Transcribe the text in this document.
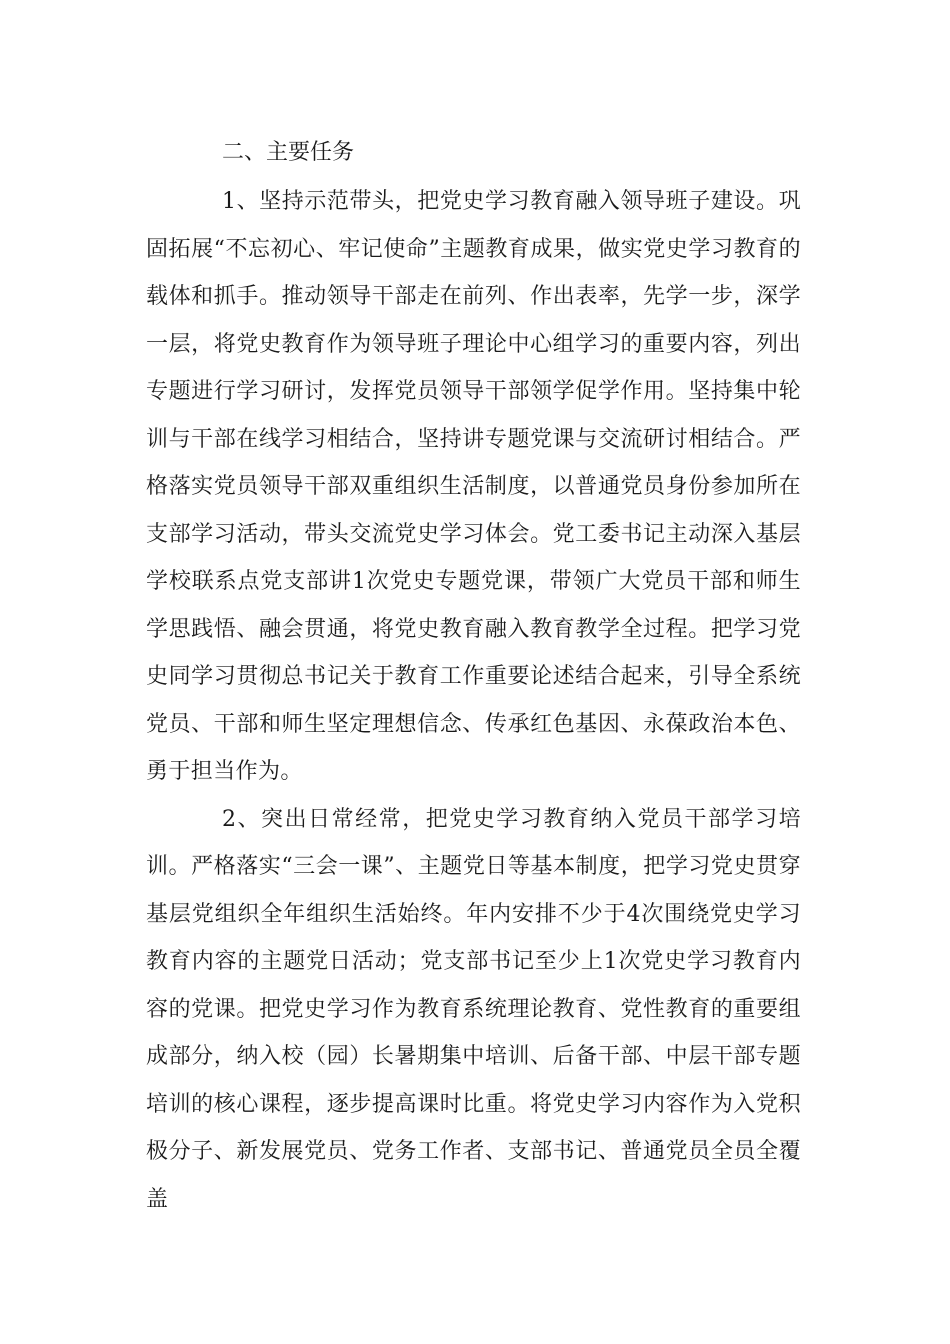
二、主要任务

1、坚持示范带头，把党史学习教育融入领导班子建设。巩固拓展“不忘初心、牢记使命”主题教育成果，做实党史学习教育的载体和抓手。推动领导干部走在前列、作出表率，先学一步，深学一层，将党史教育作为领导班子理论中心组学习的重要内容，列出专题进行学习研讨，发挥党员领导干部领学促学作用。坚持集中轮训与干部在线学习相结合，坚持讲专题党课与交流研讨相结合。严格落实党员领导干部双重组织生活制度，以普通党员身份参加所在支部学习活动，带头交流党史学习体会。党工委书记主动深入基层学校联系点党支部讲1次党史专题党课，带领广大党员干部和师生学思践悟、融会贯通，将党史教育融入教育教学全过程。把学习党史同学习贯彻总书记关于教育工作重要论述结合起来，引导全系统党员、干部和师生坚定理想信念、传承红色基因、永葆政治本色、勇于担当作为。

2、突出日常经常，把党史学习教育纳入党员干部学习培训。严格落实“三会一课”、主题党日等基本制度，把学习党史贯穿基层党组织全年组织生活始终。年内安排不少于4次围绕党史学习教育内容的主题党日活动；党支部书记至少上1次党史学习教育内容的党课。把党史学习作为教育系统理论教育、党性教育的重要组成部分，纳入校（园）长暑期集中培训、后备干部、中层干部专题培训的核心课程，逐步提高课时比重。将党史学习内容作为入党积极分子、新发展党员、党务工作者、支部书记、普通党员全员全覆盖
